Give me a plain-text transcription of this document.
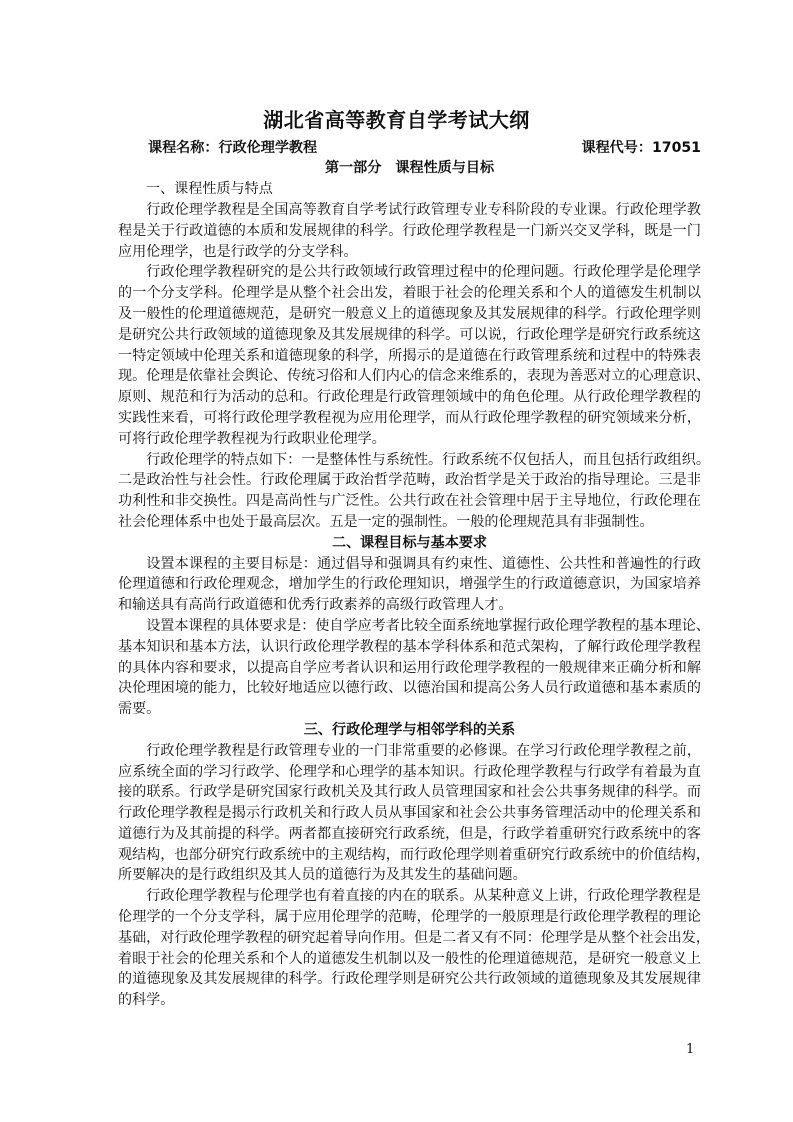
湖北省高等教育自学考试大纲
课程名称：行政伦理学教程	课程代号：17051
第一部分　课程性质与目标
一、课程性质与特点
行政伦理学教程是全国高等教育自学考试行政管理专业专科阶段的专业课。行政伦理学教
程是关于行政道德的本质和发展规律的科学。行政伦理学教程是一门新兴交叉学科，既是一门
应用伦理学，也是行政学的分支学科。
行政伦理学教程研究的是公共行政领域行政管理过程中的伦理问题。行政伦理学是伦理学
的一个分支学科。伦理学是从整个社会出发，着眼于社会的伦理关系和个人的道德发生机制以
及一般性的伦理道德规范，是研究一般意义上的道德现象及其发展规律的科学。行政伦理学则
是研究公共行政领域的道德现象及其发展规律的科学。可以说，行政伦理学是研究行政系统这
一特定领域中伦理关系和道德现象的科学，所揭示的是道德在行政管理系统和过程中的特殊表
现。伦理是依靠社会舆论、传统习俗和人们内心的信念来维系的，表现为善恶对立的心理意识、
原则、规范和行为活动的总和。行政伦理是行政管理领域中的角色伦理。从行政伦理学教程的
实践性来看，可将行政伦理学教程视为应用伦理学，而从行政伦理学教程的研究领域来分析，
可将行政伦理学教程视为行政职业伦理学。
行政伦理学的特点如下：一是整体性与系统性。行政系统不仅包括人，而且包括行政组织。
二是政治性与社会性。行政伦理属于政治哲学范畴，政治哲学是关于政治的指导理论。三是非
功利性和非交换性。四是高尚性与广泛性。公共行政在社会管理中居于主导地位，行政伦理在
社会伦理体系中也处于最高层次。五是一定的强制性。一般的伦理规范具有非强制性。
二、课程目标与基本要求
设置本课程的主要目标是：通过倡导和强调具有约束性、道德性、公共性和普遍性的行政
伦理道德和行政伦理观念，增加学生的行政伦理知识，增强学生的行政道德意识，为国家培养
和输送具有高尚行政道德和优秀行政素养的高级行政管理人才。
设置本课程的具体要求是：使自学应考者比较全面系统地掌握行政伦理学教程的基本理论、
基本知识和基本方法，认识行政伦理学教程的基本学科体系和范式架构，了解行政伦理学教程
的具体内容和要求，以提高自学应考者认识和运用行政伦理学教程的一般规律来正确分析和解
决伦理困境的能力，比较好地适应以德行政、以德治国和提高公务人员行政道德和基本素质的
需要。
三、行政伦理学与相邻学科的关系
行政伦理学教程是行政管理专业的一门非常重要的必修课。在学习行政伦理学教程之前，
应系统全面的学习行政学、伦理学和心理学的基本知识。行政伦理学教程与行政学有着最为直
接的联系。行政学是研究国家行政机关及其行政人员管理国家和社会公共事务规律的科学。而
行政伦理学教程是揭示行政机关和行政人员从事国家和社会公共事务管理活动中的伦理关系和
道德行为及其前提的科学。两者都直接研究行政系统，但是，行政学着重研究行政系统中的客
观结构，也部分研究行政系统中的主观结构，而行政伦理学则着重研究行政系统中的价值结构，
所要解决的是行政组织及其人员的道德行为及其发生的基础问题。
行政伦理学教程与伦理学也有着直接的内在的联系。从某种意义上讲，行政伦理学教程是
伦理学的一个分支学科，属于应用伦理学的范畴，伦理学的一般原理是行政伦理学教程的理论
基础，对行政伦理学教程的研究起着导向作用。但是二者又有不同：伦理学是从整个社会出发，
着眼于社会的伦理关系和个人的道德发生机制以及一般性的伦理道德规范，是研究一般意义上
的道德现象及其发展规律的科学。行政伦理学则是研究公共行政领域的道德现象及其发展规律
的科学。
1
